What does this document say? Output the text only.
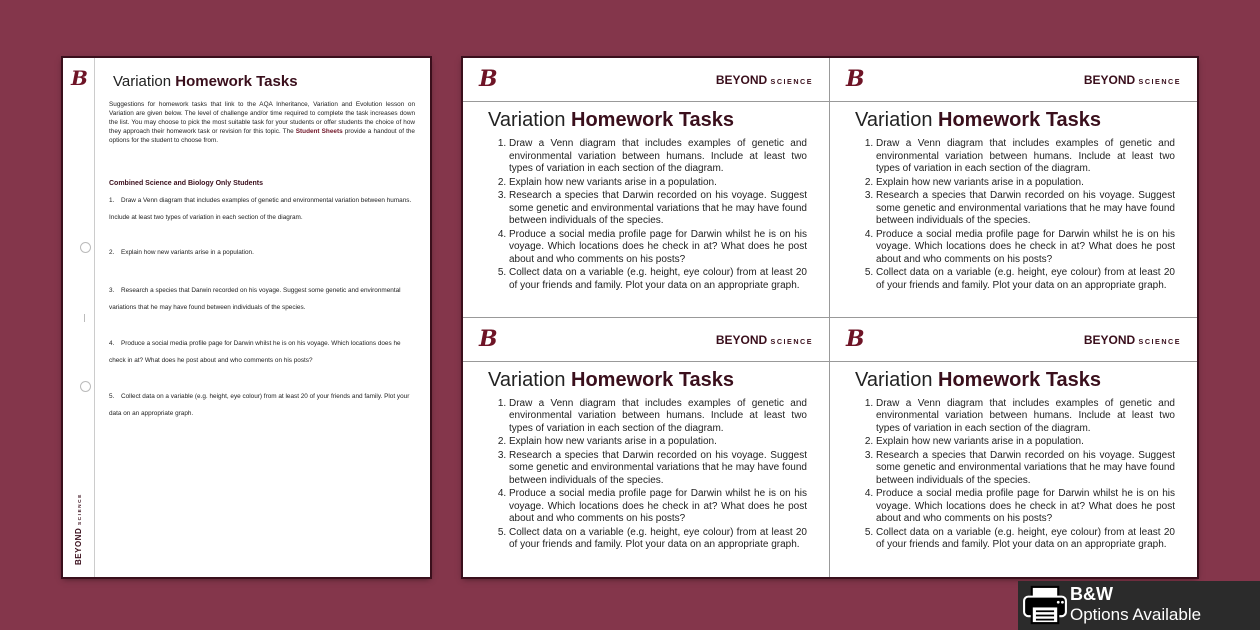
B Variation Homework Tasks

Suggestions for homework tasks that link to the AQA Inheritance, Variation and Evolution lesson on Variation are given below. The level of challenge and/or time required to complete the task increases down the list. You may choose to pick the most suitable task for your students or offer students the choice of how they approach their homework task or revision for this topic. The Student Sheets provide a handout of the options for the student to choose from.

Combined Science and Biology Only Students
1. Draw a Venn diagram that includes examples of genetic and environmental variation between humans. Include at least two types of variation in each section of the diagram.
2. Explain how new variants arise in a population.
3. Research a species that Darwin recorded on his voyage. Suggest some genetic and environmental variations that he may have found between individuals of the species.
4. Produce a social media profile page for Darwin whilst he is on his voyage. Which locations does he check in at? What does he post about and who comments on his posts?
5. Collect data on a variable (e.g. height, eye colour) from at least 20 of your friends and family. Plot your data on an appropriate graph.
BEYOND SCIENCE
B	BEYOND SCIENCE
Variation Homework Tasks
1. Draw a Venn diagram that includes examples of genetic and environmental variation between humans. Include at least two types of variation in each section of the diagram.
2. Explain how new variants arise in a population.
3. Research a species that Darwin recorded on his voyage. Suggest some genetic and environmental variations that he may have found between individuals of the species.
4. Produce a social media profile page for Darwin whilst he is on his voyage. Which locations does he check in at? What does he post about and who comments on his posts?
5. Collect data on a variable (e.g. height, eye colour) from at least 20 of your friends and family. Plot your data on an appropriate graph.
B	BEYOND SCIENCE
Variation Homework Tasks
1. Draw a Venn diagram that includes examples of genetic and environmental variation between humans. Include at least two types of variation in each section of the diagram.
2. Explain how new variants arise in a population.
3. Research a species that Darwin recorded on his voyage. Suggest some genetic and environmental variations that he may have found between individuals of the species.
4. Produce a social media profile page for Darwin whilst he is on his voyage. Which locations does he check in at? What does he post about and who comments on his posts?
5. Collect data on a variable (e.g. height, eye colour) from at least 20 of your friends and family. Plot your data on an appropriate graph.
B	BEYOND SCIENCE
Variation Homework Tasks
1. Draw a Venn diagram that includes examples of genetic and environmental variation between humans. Include at least two types of variation in each section of the diagram.
2. Explain how new variants arise in a population.
3. Research a species that Darwin recorded on his voyage. Suggest some genetic and environmental variations that he may have found between individuals of the species.
4. Produce a social media profile page for Darwin whilst he is on his voyage. Which locations does he check in at? What does he post about and who comments on his posts?
5. Collect data on a variable (e.g. height, eye colour) from at least 20 of your friends and family. Plot your data on an appropriate graph.
B	BEYOND SCIENCE
Variation Homework Tasks
1. Draw a Venn diagram that includes examples of genetic and environmental variation between humans. Include at least two types of variation in each section of the diagram.
2. Explain how new variants arise in a population.
3. Research a species that Darwin recorded on his voyage. Suggest some genetic and environmental variations that he may have found between individuals of the species.
4. Produce a social media profile page for Darwin whilst he is on his voyage. Which locations does he check in at? What does he post about and who comments on his posts?
5. Collect data on a variable (e.g. height, eye colour) from at least 20 of your friends and family. Plot your data on an appropriate graph.
B&W
Options Available
